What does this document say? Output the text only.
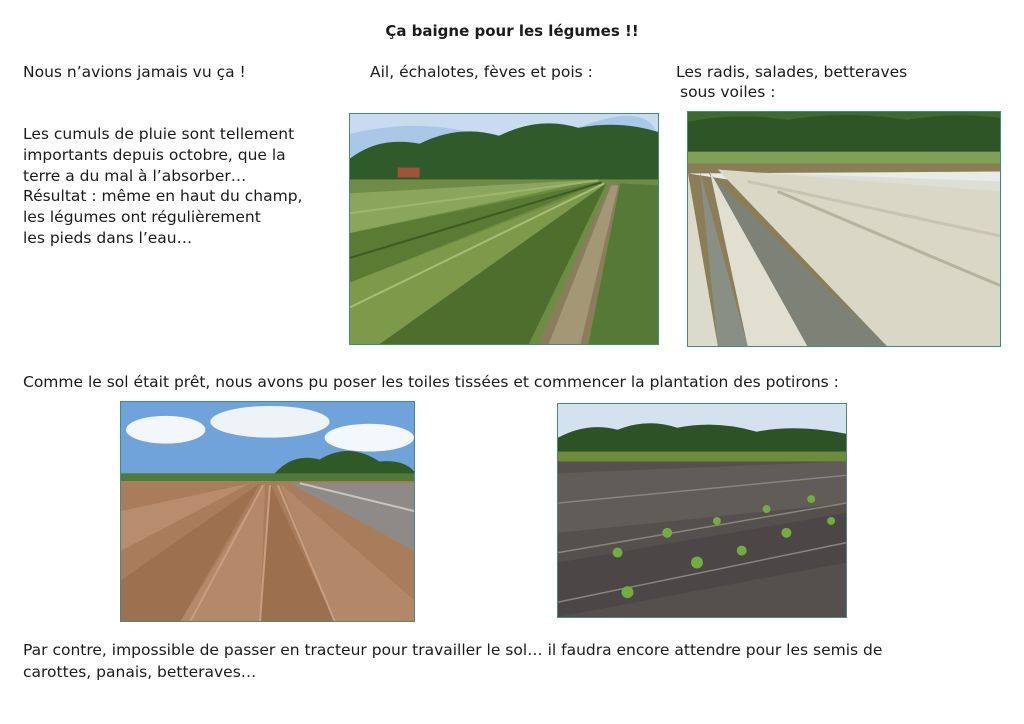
Ça baigne pour les légumes !!
Nous n’avions jamais vu ça !	Ail, échalotes, fèves et pois :	Les radis, salades, betteraves
sous voiles :
Les cumuls de pluie sont tellement
importants depuis octobre, que la
terre a du mal à l’absorber…
Résultat : même en haut du champ,
les légumes ont régulièrement
les pieds dans l’eau…
Comme le sol était prêt, nous avons pu poser les toiles tissées et commencer la plantation des potirons :
Par contre, impossible de passer en tracteur pour travailler le sol… il faudra encore attendre pour les semis de
carottes, panais, betteraves…
